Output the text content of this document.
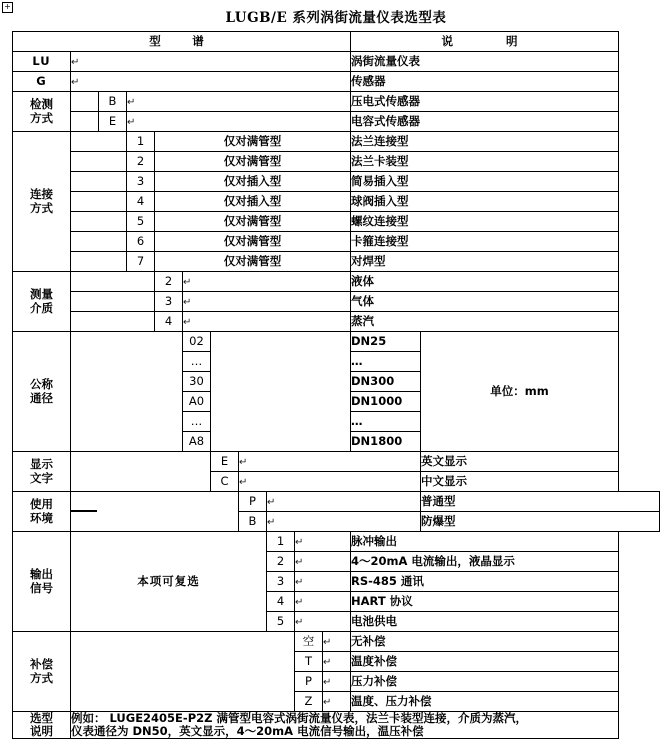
+
LUGB/E 系列涡街流量仪表选型表
型　谱											说　　明	
LU	↵										涡街流量仪表	
G	↵										传感器	
检测
方式		B	↵								压电式传感器	
		E	↵								电容式传感器	
连接
方式			1	仅对满管型							法兰连接型	
			2	仅对满管型							法兰卡装型	
			3	仅对插入型							简易插入型	
			4	仅对插入型							球阀插入型	
			5	仅对满管型							螺纹连接型	
			6	仅对满管型							卡箍连接型	
			7	仅对满管型							对焊型	
测量
介质				2	↵						液体	
				3	↵						气体	
				4	↵						蒸汽	
公称
通径					02						DN25	单位：mm

					…						…	
					30						DN300	
					A0						DN1000	
					…						…	
					A8						DN1800	
显示
文字						E	↵					英文显示
						C	↵					中文显示
使用
环境							P	↵				普通型
							B	↵				防爆型
输出
信号	本项可复选							1	↵		脉冲输出	
								2	↵		4～20mA 电流输出，液晶显示	
								3	↵		RS-485 通讯	
								4	↵		HART 协议	
								5	↵		电池供电	
补偿
方式									空	↵	无补偿	
									T	↵	温度补偿	
									P	↵	压力补偿	
									Z	↵	温度、压力补偿	
选型
说明	
例如： LUGE2405E-P2Z 满管型电容式涡街流量仪表，法兰卡装型连接，介质为蒸汽，
仪表通径为 DN50，英文显示，4～20mA 电流信号输出，温压补偿
